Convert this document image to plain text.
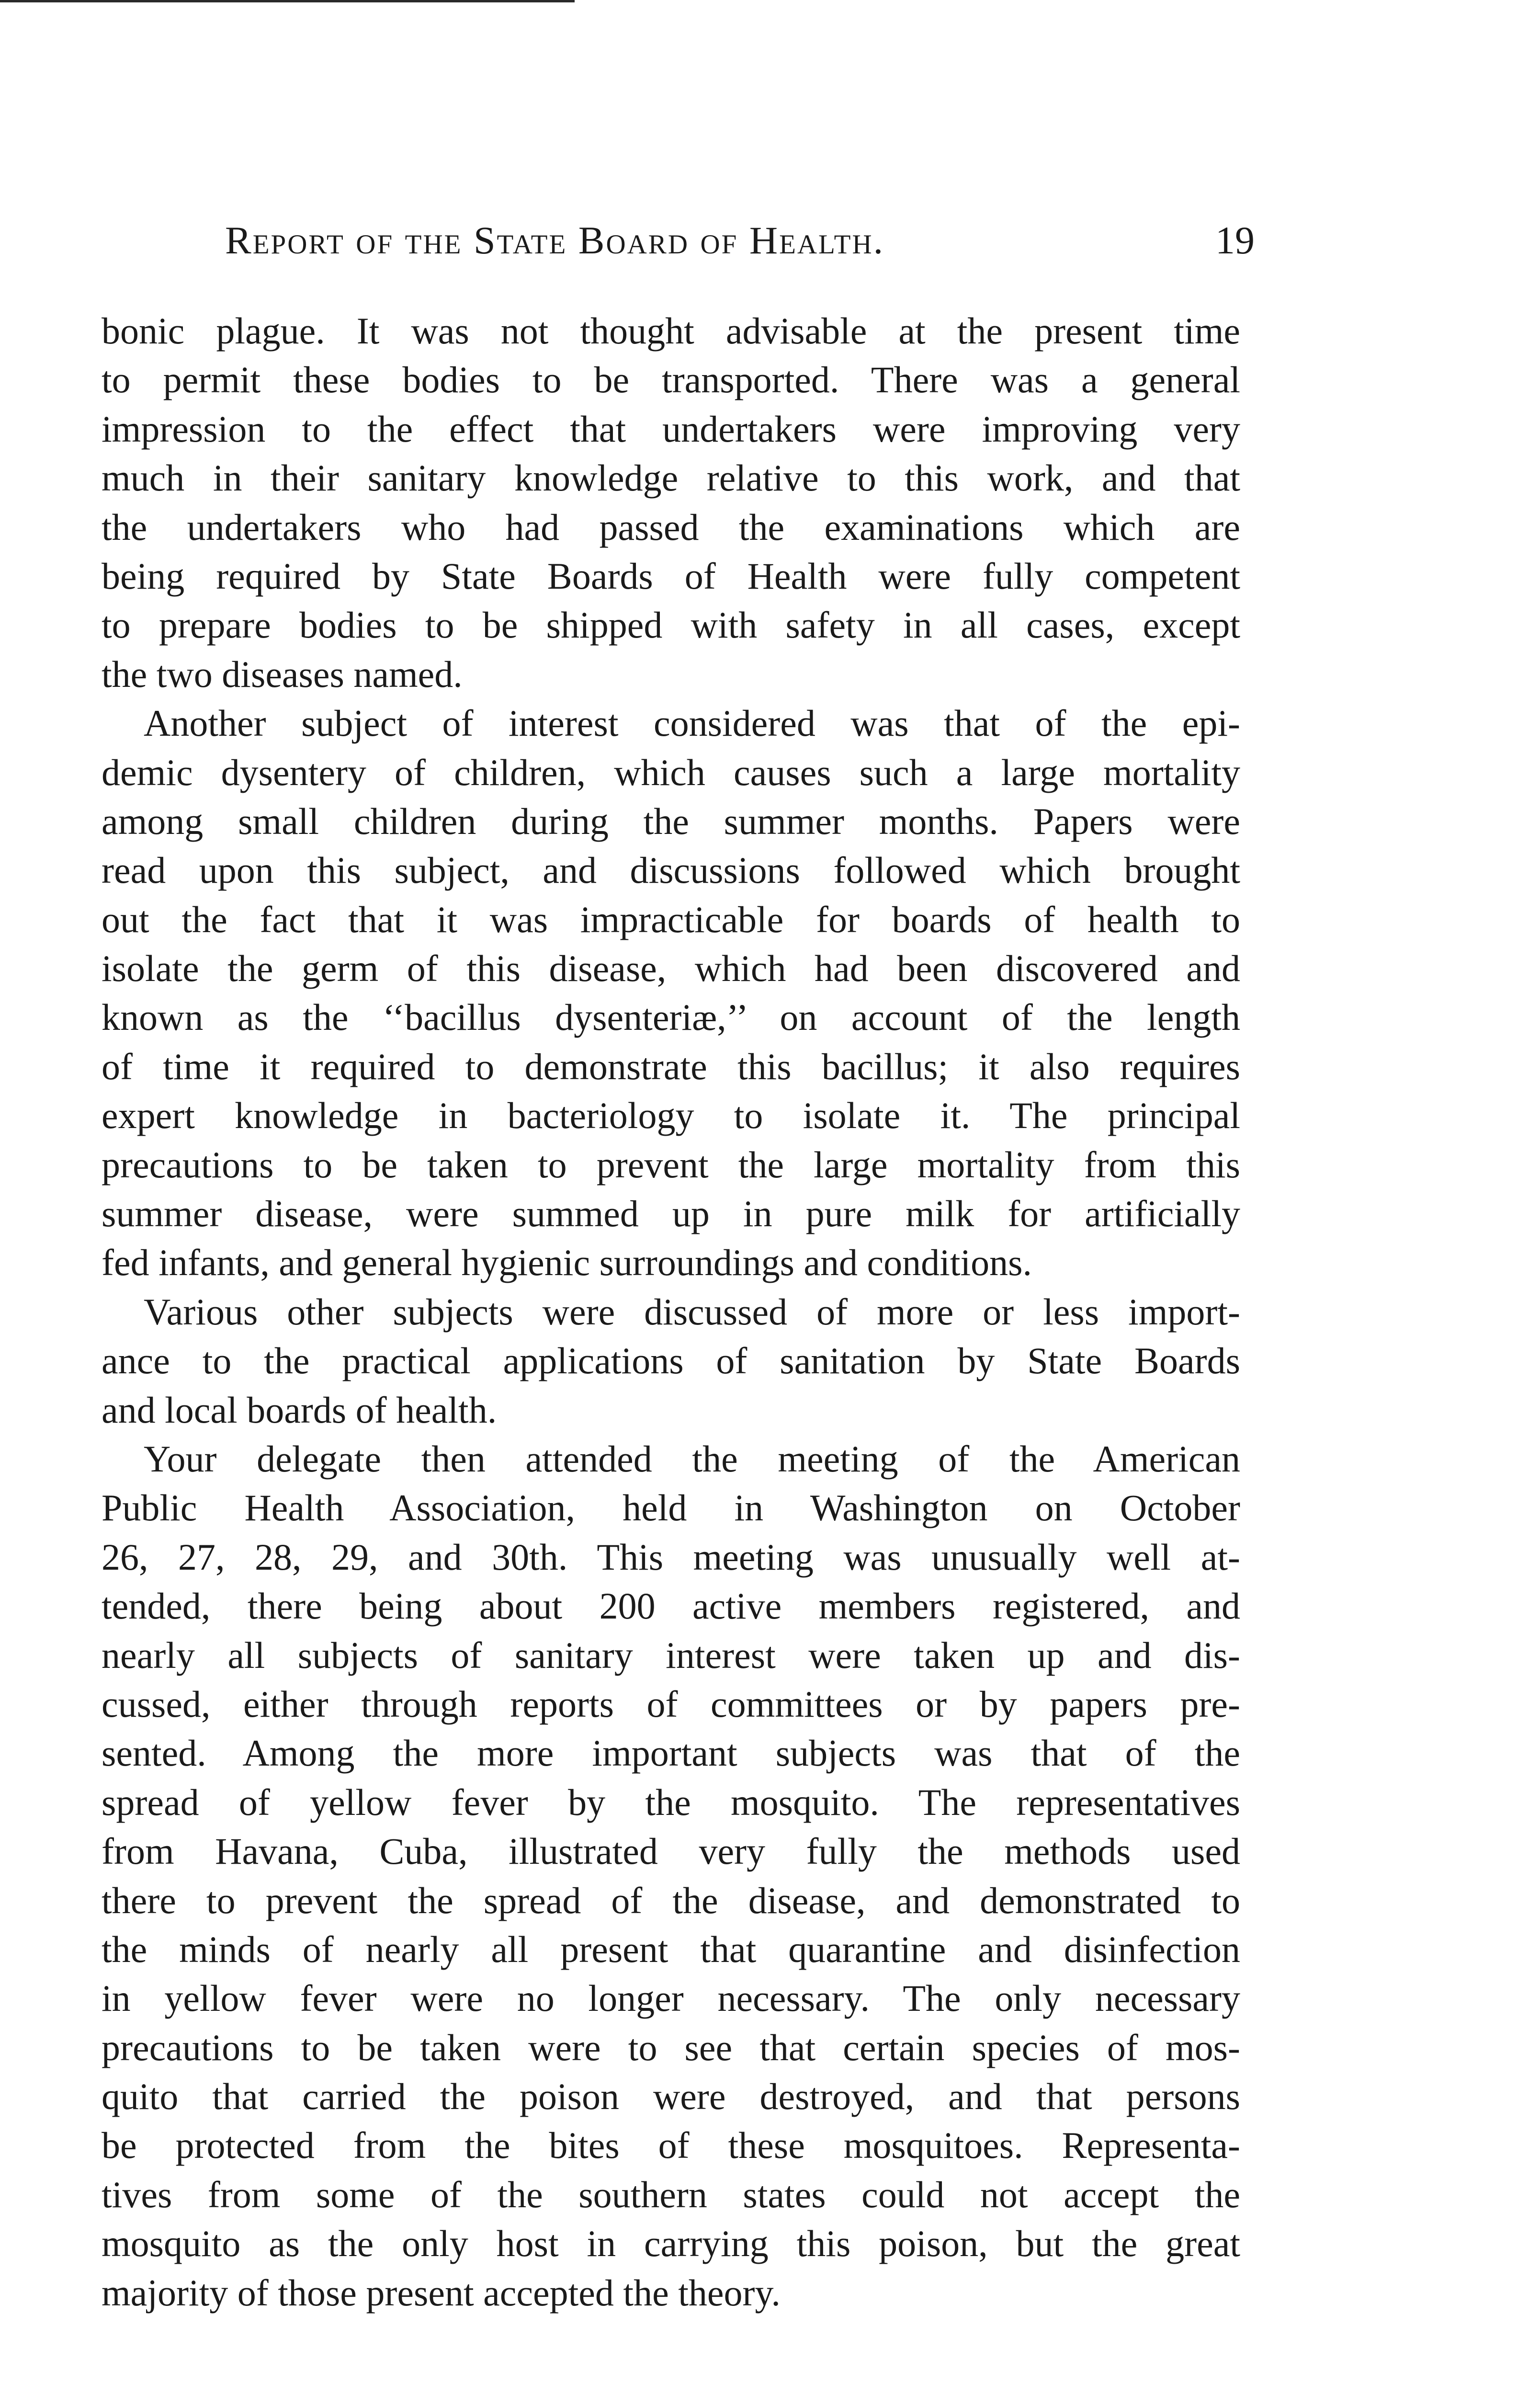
Report of the State Board of Health.	19
bonic plague. It was not thought advisable at the present time
to permit these bodies to be transported. There was a general
impression to the effect that undertakers were improving very
much in their sanitary knowledge relative to this work, and that
the undertakers who had passed the examinations which are
being required by State Boards of Health were fully competent
to prepare bodies to be shipped with safety in all cases, except
the two diseases named.
Another subject of interest considered was that of the epi-
demic dysentery of children, which causes such a large mortality
among small children during the summer months. Papers were
read upon this subject, and discussions followed which brought
out the fact that it was impracticable for boards of health to
isolate the germ of this disease, which had been discovered and
known as the ‘‘bacillus dysenteriæ,’’ on account of the length
of time it required to demonstrate this bacillus; it also requires
expert knowledge in bacteriology to isolate it. The principal
precautions to be taken to prevent the large mortality from this
summer disease, were summed up in pure milk for artificially
fed infants, and general hygienic surroundings and conditions.
Various other subjects were discussed of more or less import-
ance to the practical applications of sanitation by State Boards
and local boards of health.
Your delegate then attended the meeting of the American
Public Health Association, held in Washington on October
26, 27, 28, 29, and 30th. This meeting was unusually well at-
tended, there being about 200 active members registered, and
nearly all subjects of sanitary interest were taken up and dis-
cussed, either through reports of committees or by papers pre-
sented. Among the more important subjects was that of the
spread of yellow fever by the mosquito. The representatives
from Havana, Cuba, illustrated very fully the methods used
there to prevent the spread of the disease, and demonstrated to
the minds of nearly all present that quarantine and disinfection
in yellow fever were no longer necessary. The only necessary
precautions to be taken were to see that certain species of mos-
quito that carried the poison were destroyed, and that persons
be protected from the bites of these mosquitoes. Representa-
tives from some of the southern states could not accept the
mosquito as the only host in carrying this poison, but the great
majority of those present accepted the theory.
